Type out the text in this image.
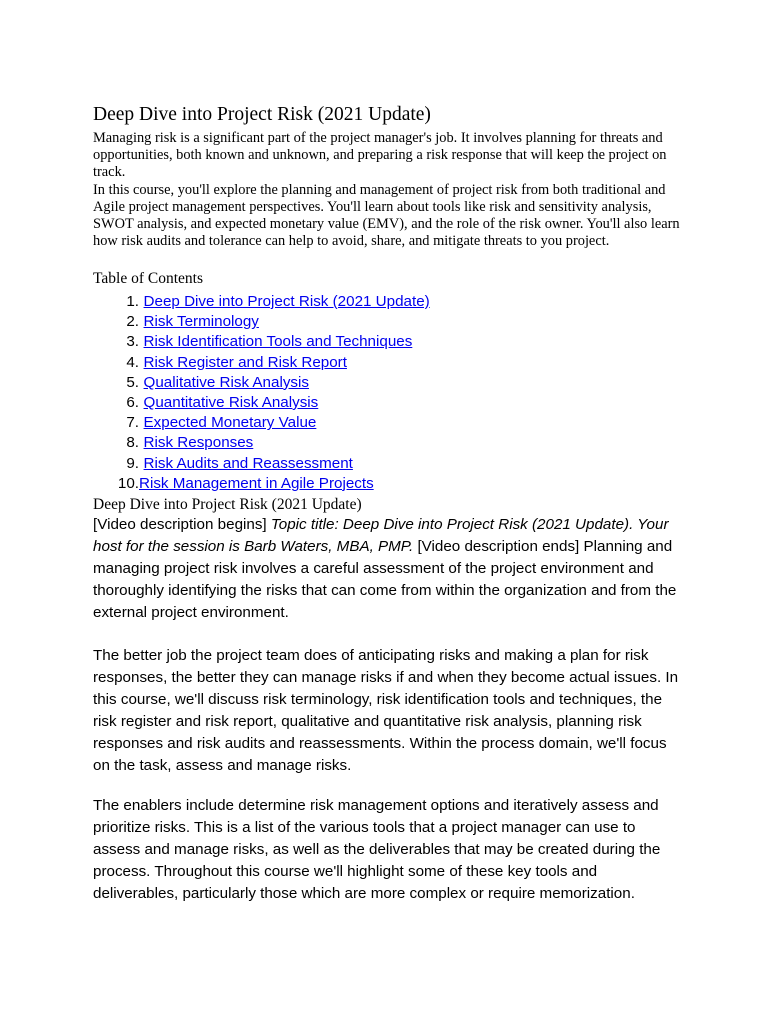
Deep Dive into Project Risk (2021 Update)

Managing risk is a significant part of the project manager's job. It involves planning for threats and opportunities, both known and unknown, and preparing a risk response that will keep the project on track.

In this course, you'll explore the planning and management of project risk from both traditional and Agile project management perspectives. You'll learn about tools like risk and sensitivity analysis, SWOT analysis, and expected monetary value (EMV), and the role of the risk owner. You'll also learn how risk audits and tolerance can help to avoid, share, and mitigate threats to you project.

Table of Contents
1. Deep Dive into Project Risk (2021 Update)
2. Risk Terminology
3. Risk Identification Tools and Techniques
4. Risk Register and Risk Report
5. Qualitative Risk Analysis
6. Quantitative Risk Analysis
7. Expected Monetary Value
8. Risk Responses
9. Risk Audits and Reassessment
10. Risk Management in Agile Projects
Deep Dive into Project Risk (2021 Update)

[Video description begins] Topic title: Deep Dive into Project Risk (2021 Update). Your host for the session is Barb Waters, MBA, PMP. [Video description ends] Planning and managing project risk involves a careful assessment of the project environment and thoroughly identifying the risks that can come from within the organization and from the external project environment.

The better job the project team does of anticipating risks and making a plan for risk responses, the better they can manage risks if and when they become actual issues. In this course, we'll discuss risk terminology, risk identification tools and techniques, the risk register and risk report, qualitative and quantitative risk analysis, planning risk responses and risk audits and reassessments. Within the process domain, we'll focus on the task, assess and manage risks.

The enablers include determine risk management options and iteratively assess and prioritize risks. This is a list of the various tools that a project manager can use to assess and manage risks, as well as the deliverables that may be created during the process. Throughout this course we'll highlight some of these key tools and deliverables, particularly those which are more complex or require memorization.
